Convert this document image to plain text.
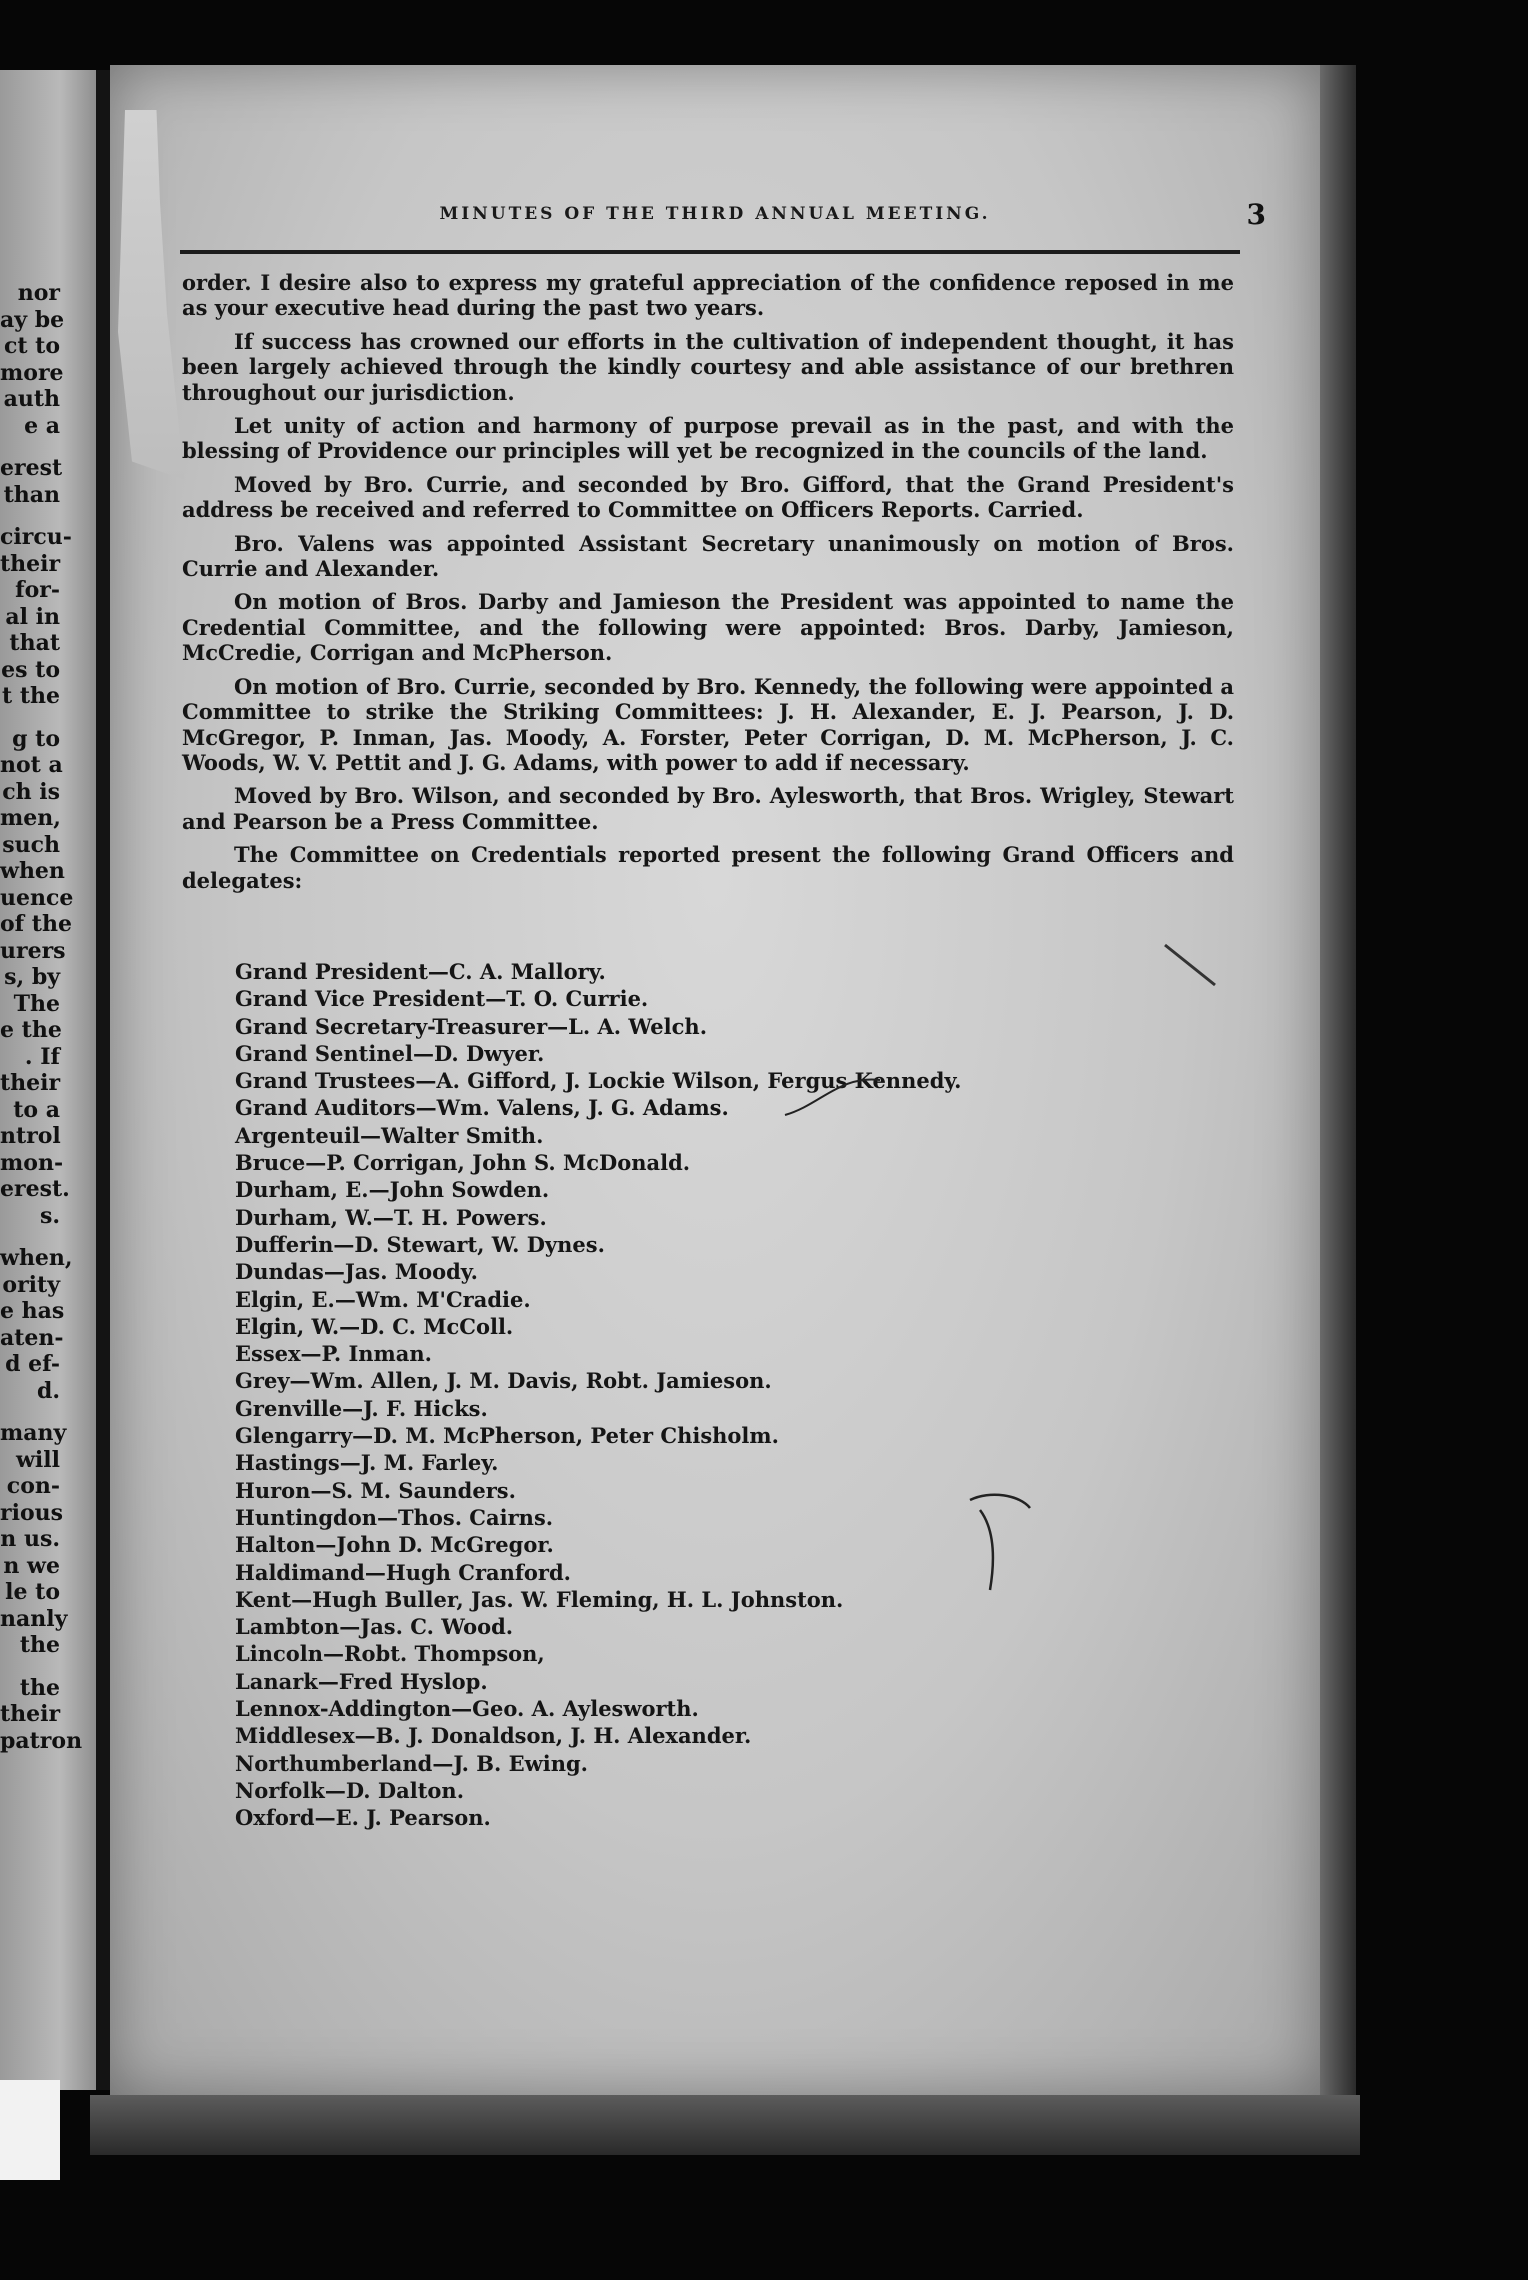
nor
ay be
ct to
more
auth
e a
erest
than
circu-
their
for-
al in
that
es to
t the
g to
not a
ch is
men,
such
when
uence
of the
urers
s, by
The
e the
. If
their
to a
ntrol
mon-
erest.
s.
when,
ority
e has
aten-
d ef-
d.
many
will
con-
rious
n us.
n we
le to
nanly
the
the
their
patron
MINUTES OF THE THIRD ANNUAL MEETING.	3

order. I desire also to express my grateful appreciation of the confidence reposed in me as your executive head during the past two years.

If success has crowned our efforts in the cultivation of independent thought, it has been largely achieved through the kindly courtesy and able assistance of our brethren throughout our jurisdiction.

Let unity of action and harmony of purpose prevail as in the past, and with the blessing of Providence our principles will yet be recognized in the councils of the land.

Moved by Bro. Currie, and seconded by Bro. Gifford, that the Grand President's address be received and referred to Committee on Officers Reports. Carried.

Bro. Valens was appointed Assistant Secretary unanimously on motion of Bros. Currie and Alexander.

On motion of Bros. Darby and Jamieson the President was appointed to name the Credential Committee, and the following were appointed: Bros. Darby, Jamieson, McCredie, Corrigan and McPherson.

On motion of Bro. Currie, seconded by Bro. Kennedy, the following were appointed a Committee to strike the Striking Committees: J. H. Alexander, E. J. Pearson, J. D. McGregor, P. Inman, Jas. Moody, A. Forster, Peter Corrigan, D. M. McPherson, J. C. Woods, W. V. Pettit and J. G. Adams, with power to add if necessary.

Moved by Bro. Wilson, and seconded by Bro. Aylesworth, that Bros. Wrigley, Stewart and Pearson be a Press Committee.

The Committee on Credentials reported present the following Grand Officers and delegates:

Grand President—C. A. Mallory.
Grand Vice President—T. O. Currie.
Grand Secretary-Treasurer—L. A. Welch.
Grand Sentinel—D. Dwyer.
Grand Trustees—A. Gifford, J. Lockie Wilson, Fergus Kennedy.
Grand Auditors—Wm. Valens, J. G. Adams.
Argenteuil—Walter Smith.
Bruce—P. Corrigan, John S. McDonald.
Durham, E.—John Sowden.
Durham, W.—T. H. Powers.
Dufferin—D. Stewart, W. Dynes.
Dundas—Jas. Moody.
Elgin, E.—Wm. M'Cradie.
Elgin, W.—D. C. McColl.
Essex—P. Inman.
Grey—Wm. Allen, J. M. Davis, Robt. Jamieson.
Grenville—J. F. Hicks.
Glengarry—D. M. McPherson, Peter Chisholm.
Hastings—J. M. Farley.
Huron—S. M. Saunders.
Huntingdon—Thos. Cairns.
Halton—John D. McGregor.
Haldimand—Hugh Cranford.
Kent—Hugh Buller, Jas. W. Fleming, H. L. Johnston.
Lambton—Jas. C. Wood.
Lincoln—Robt. Thompson,
Lanark—Fred Hyslop.
Lennox-Addington—Geo. A. Aylesworth.
Middlesex—B. J. Donaldson, J. H. Alexander.
Northumberland—J. B. Ewing.
Norfolk—D. Dalton.
Oxford—E. J. Pearson.
